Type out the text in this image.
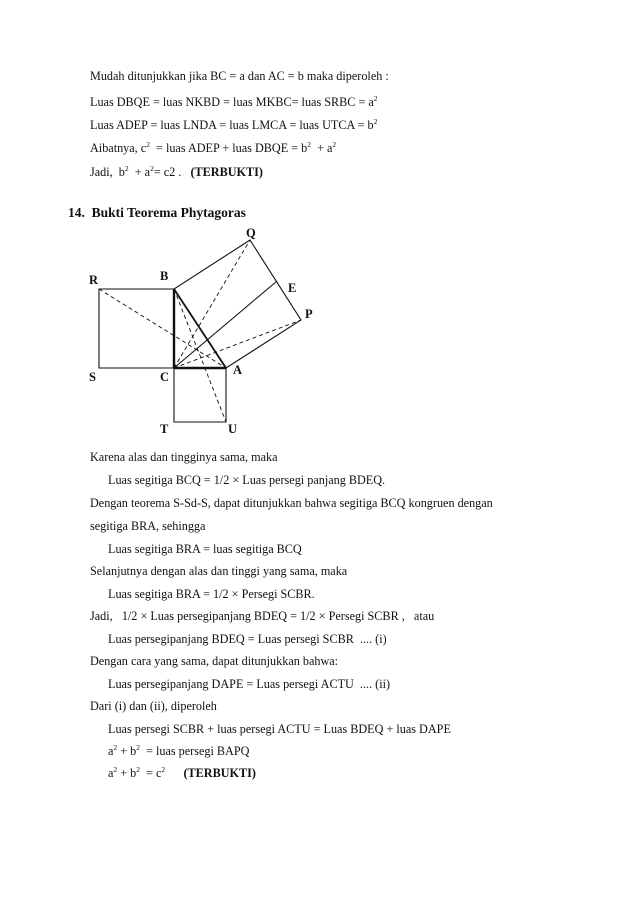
Mudah ditunjukkan jika BC = a dan AC = b maka diperoleh :
Luas DBQE = luas NKBD = luas MKBC= luas SRBC = $a^2$
Luas ADEP = luas LNDA = luas LMCA = luas UTCA = $b^2$
Aibatnya, $c^2$  = luas ADEP + luas DBQE = $b^2 + a^2$
Jadi,  $b^2 + a^2= c2$ .   (TERBUKTI)
14. Bukti Teorema Phytagoras
Q
R	B
E
P
S	C	A
T	U
Karena alas dan tingginya sama, maka
Luas segitiga BCQ = 1/2 × Luas persegi panjang BDEQ.
Dengan teorema S-Sd-S, dapat ditunjukkan bahwa segitiga BCQ kongruen dengan
segitiga BRA, sehingga
Luas segitiga BRA = luas segitiga BCQ
Selanjutnya dengan alas dan tinggi yang sama, maka
Luas segitiga BRA = 1/2 × Persegi SCBR.
Jadi,   1/2 × Luas persegipanjang BDEQ = 1/2 × Persegi SCBR ,   atau
Luas persegipanjang BDEQ = Luas persegi SCBR  .... (i)
Dengan cara yang sama, dapat ditunjukkan bahwa:
Luas persegipanjang DAPE = Luas persegi ACTU  .... (ii)
Dari (i) dan (ii), diperoleh
Luas persegi SCBR + luas persegi ACTU = Luas BDEQ + luas DAPE
$a^2 + b^2$  = luas persegi BAPQ
$a^2 + b^2 = c^2$ (TERBUKTI)
